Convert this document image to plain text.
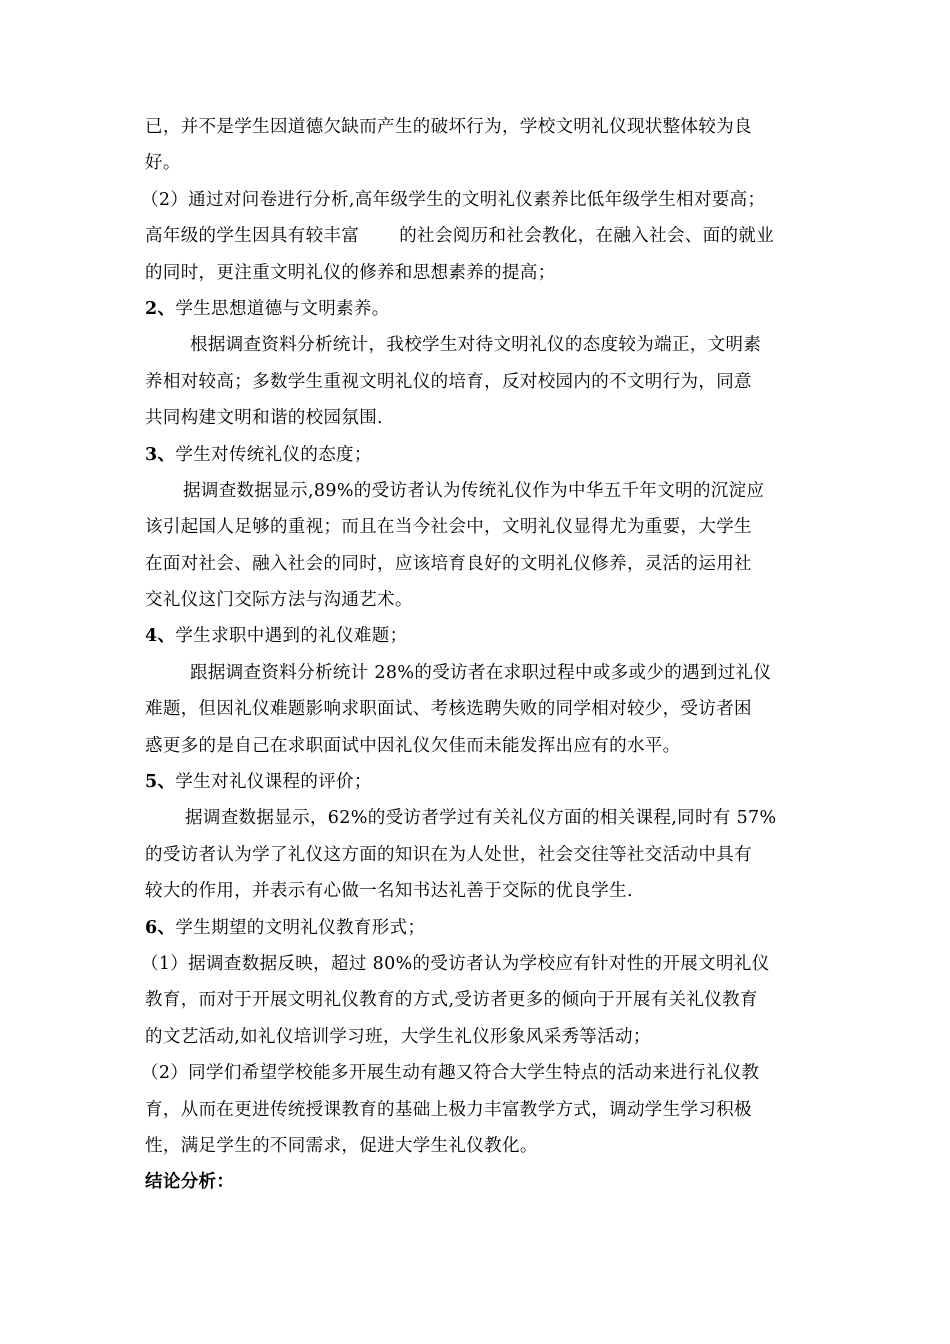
已，并不是学生因道德欠缺而产生的破坏行为，学校文明礼仪现状整体较为良
好。
（2）通过对问卷进行分析,高年级学生的文明礼仪素养比低年级学生相对要高；
高年级的学生因具有较丰富 的社会阅历和社会教化，在融入社会、面的就业
的同时，更注重文明礼仪的修养和思想素养的提高；
2、学生思想道德与文明素养。
根据调查资料分析统计，我校学生对待文明礼仪的态度较为端正，文明素
养相对较高；多数学生重视文明礼仪的培育，反对校园内的不文明行为，同意
共同构建文明和谐的校园氛围.
3、学生对传统礼仪的态度；
据调查数据显示,89%的受访者认为传统礼仪作为中华五千年文明的沉淀应
该引起国人足够的重视；而且在当今社会中，文明礼仪显得尤为重要，大学生
在面对社会、融入社会的同时，应该培育良好的文明礼仪修养，灵活的运用社
交礼仪这门交际方法与沟通艺术。
4、学生求职中遇到的礼仪难题；
跟据调查资料分析统计 28%的受访者在求职过程中或多或少的遇到过礼仪
难题，但因礼仪难题影响求职面试、考核选聘失败的同学相对较少，受访者困
惑更多的是自己在求职面试中因礼仪欠佳而未能发挥出应有的水平。
5、学生对礼仪课程的评价；
据调查数据显示，62%的受访者学过有关礼仪方面的相关课程,同时有 57%
的受访者认为学了礼仪这方面的知识在为人处世，社会交往等社交活动中具有
较大的作用，并表示有心做一名知书达礼善于交际的优良学生.
6、学生期望的文明礼仪教育形式；
（1）据调查数据反映，超过 80%的受访者认为学校应有针对性的开展文明礼仪
教育，而对于开展文明礼仪教育的方式,受访者更多的倾向于开展有关礼仪教育
的文艺活动,如礼仪培训学习班，大学生礼仪形象风采秀等活动；
（2）同学们希望学校能多开展生动有趣又符合大学生特点的活动来进行礼仪教
育，从而在更进传统授课教育的基础上极力丰富教学方式，调动学生学习积极
性，满足学生的不同需求，促进大学生礼仪教化。
结论分析：
